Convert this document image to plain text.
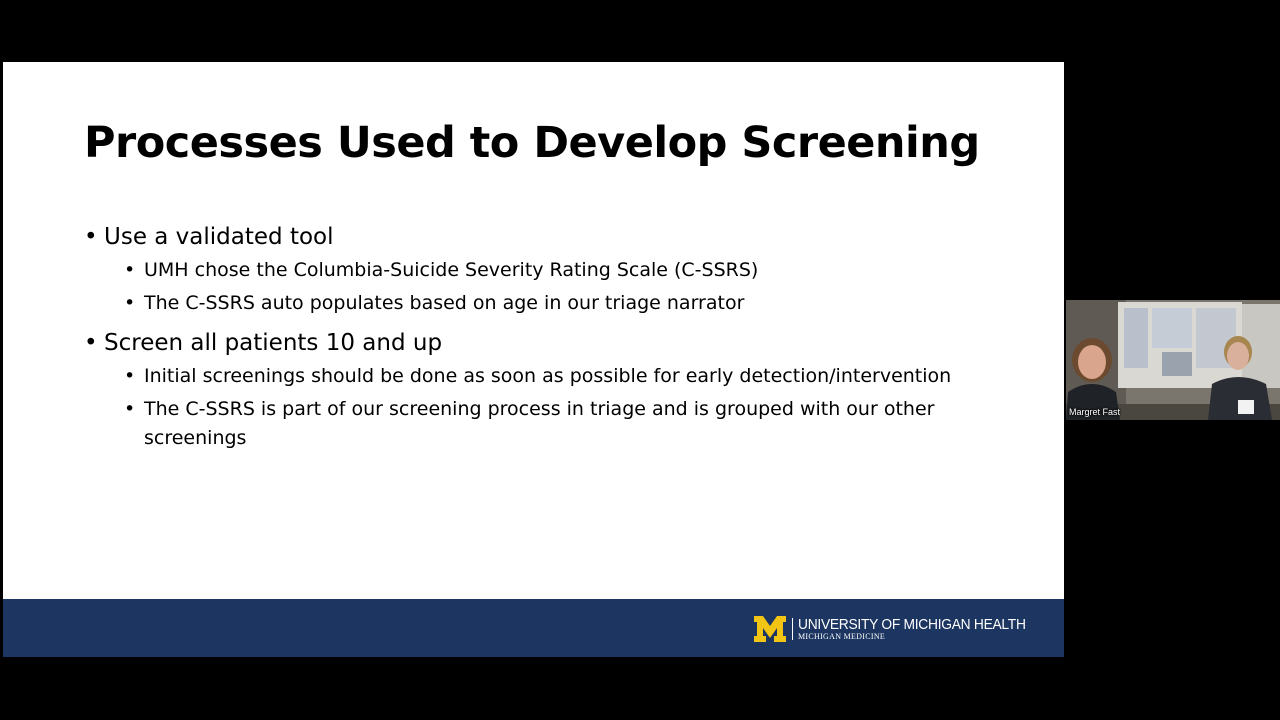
Processes Used to Develop Screening
• Use a validated tool
• UMH chose the Columbia-Suicide Severity Rating Scale (C-SSRS)
• The C-SSRS auto populates based on age in our triage narrator
• Screen all patients 10 and up
• Initial screenings should be done as soon as possible for early detection/intervention
• The C-SSRS is part of our screening process in triage and is grouped with our other screenings
UNIVERSITY OF MICHIGAN HEALTH
MICHIGAN MEDICINE
Margret Fast
